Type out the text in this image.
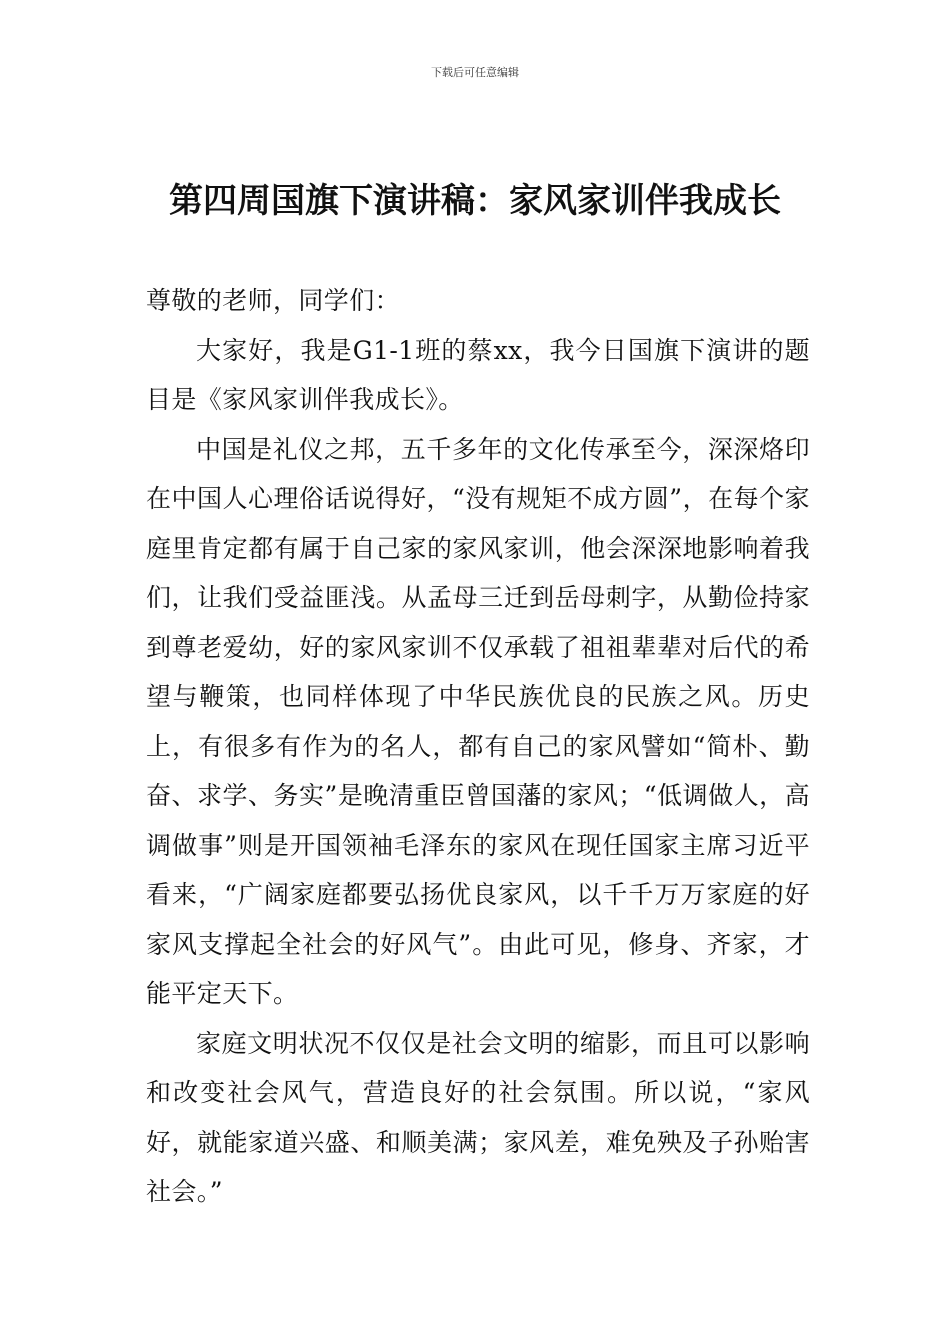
下载后可任意编辑
第四周国旗下演讲稿：家风家训伴我成长

尊敬的老师，同学们：

大家好，我是G1-1班的蔡xx，我今日国旗下演讲的题目是《家风家训伴我成长》。

中国是礼仪之邦，五千多年的文化传承至今，深深烙印在中国人心理俗话说得好，“没有规矩不成方圆”，在每个家庭里肯定都有属于自己家的家风家训，他会深深地影响着我们，让我们受益匪浅。从孟母三迁到岳母刺字，从勤俭持家到尊老爱幼，好的家风家训不仅承载了祖祖辈辈对后代的希望与鞭策，也同样体现了中华民族优良的民族之风。历史上，有很多有作为的名人，都有自己的家风譬如“简朴、勤奋、求学、务实”是晚清重臣曾国藩的家风；“低调做人，高调做事”则是开国领袖毛泽东的家风在现任国家主席习近平看来，“广阔家庭都要弘扬优良家风，以千千万万家庭的好家风支撑起全社会的好风气”。由此可见，修身、齐家，才能平定天下。

家庭文明状况不仅仅是社会文明的缩影，而且可以影响和改变社会风气，营造良好的社会氛围。所以说，“家风好，就能家道兴盛、和顺美满；家风差，难免殃及子孙贻害社会。”
